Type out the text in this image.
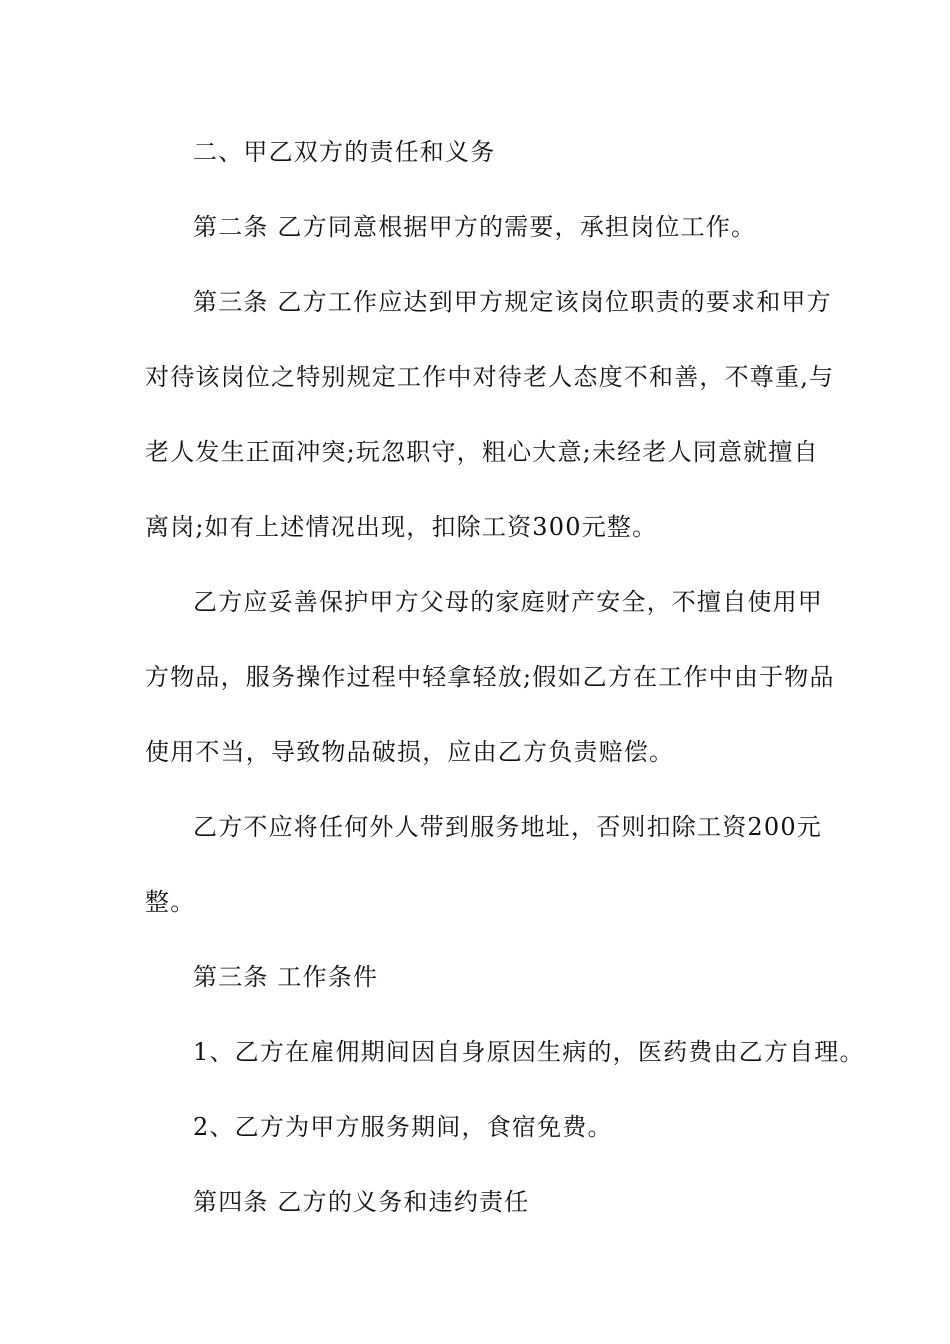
二、甲乙双方的责任和义务
第二条 乙方同意根据甲方的需要，承担岗位工作。
第三条 乙方工作应达到甲方规定该岗位职责的要求和甲方
对待该岗位之特别规定工作中对待老人态度不和善，不尊重,与
老人发生正面冲突;玩忽职守，粗心大意;未经老人同意就擅自
离岗;如有上述情况出现，扣除工资300元整。
乙方应妥善保护甲方父母的家庭财产安全，不擅自使用甲
方物品，服务操作过程中轻拿轻放;假如乙方在工作中由于物品
使用不当，导致物品破损，应由乙方负责赔偿。
乙方不应将任何外人带到服务地址，否则扣除工资200元
整。
第三条 工作条件
1、乙方在雇佣期间因自身原因生病的，医药费由乙方自理。
2、乙方为甲方服务期间，食宿免费。
第四条 乙方的义务和违约责任
